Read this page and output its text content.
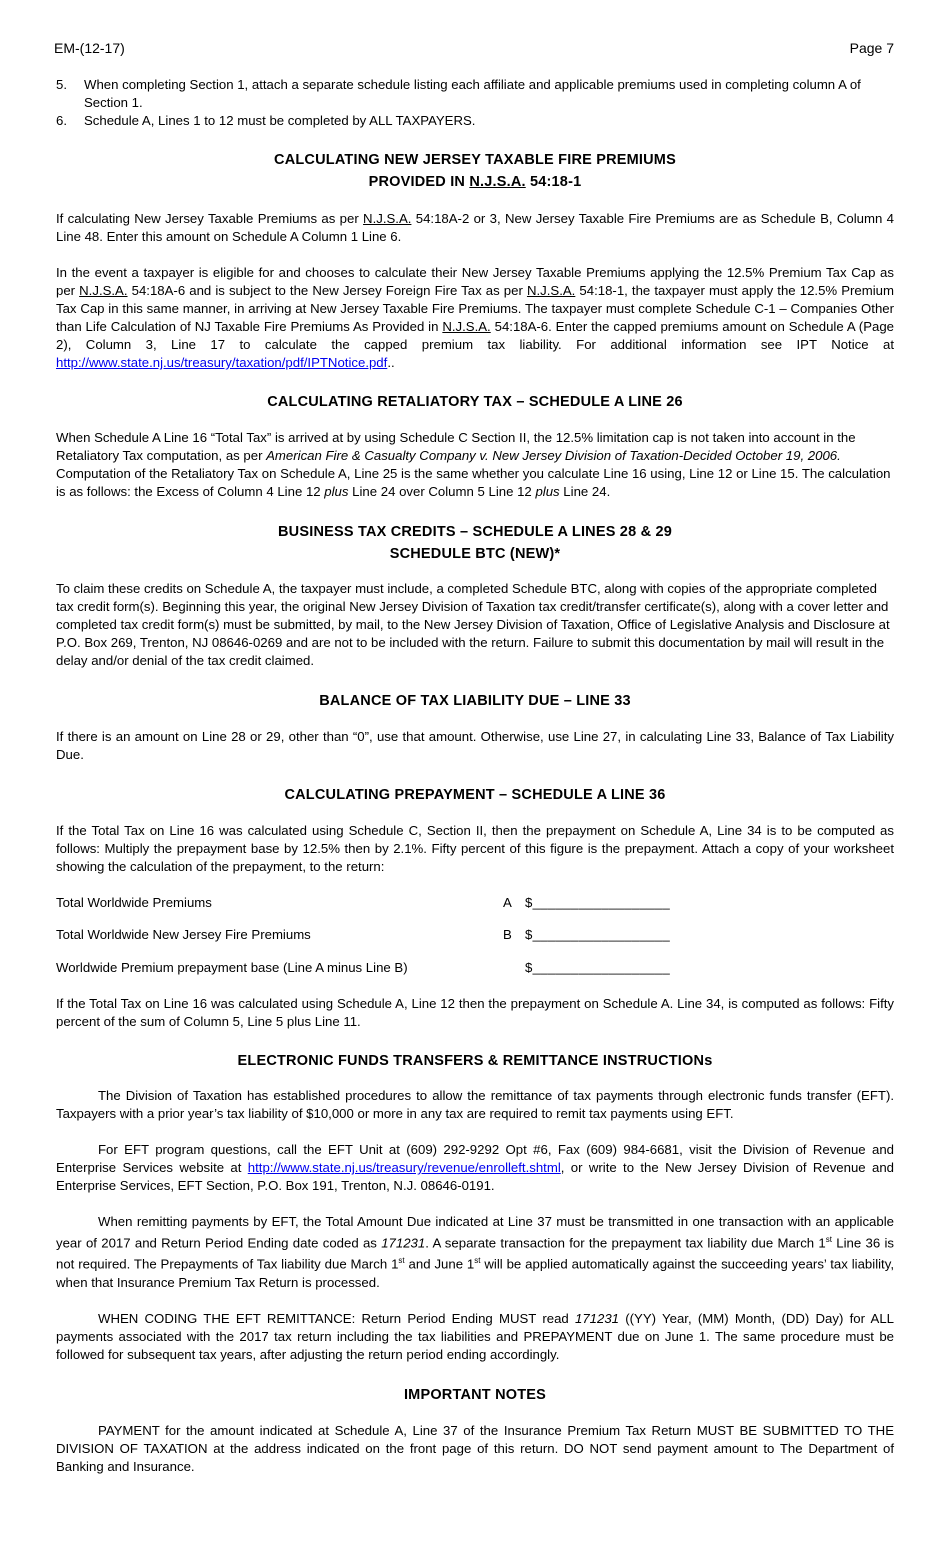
EM-(12-17)	Page 7
5. When completing Section 1, attach a separate schedule listing each affiliate and applicable premiums used in completing column A of Section 1.
6. Schedule A, Lines 1 to 12 must be completed by ALL TAXPAYERS.
CALCULATING NEW JERSEY TAXABLE FIRE PREMIUMS
PROVIDED IN N.J.S.A. 54:18-1

If calculating New Jersey Taxable Premiums as per N.J.S.A. 54:18A-2 or 3, New Jersey Taxable Fire Premiums are as Schedule B, Column 4 Line 48. Enter this amount on Schedule A Column 1 Line 6.

In the event a taxpayer is eligible for and chooses to calculate their New Jersey Taxable Premiums applying the 12.5% Premium Tax Cap as per N.J.S.A. 54:18A-6 and is subject to the New Jersey Foreign Fire Tax as per N.J.S.A. 54:18-1, the taxpayer must apply the 12.5% Premium Tax Cap in this same manner, in arriving at New Jersey Taxable Fire Premiums. The taxpayer must complete Schedule C-1 – Companies Other than Life Calculation of NJ Taxable Fire Premiums As Provided in N.J.S.A. 54:18A-6. Enter the capped premiums amount on Schedule A (Page 2), Column 3, Line 17 to calculate the capped premium tax liability. For additional information see IPT Notice at http://www.state.nj.us/treasury/taxation/pdf/IPTNotice.pdf..

CALCULATING RETALIATORY TAX – SCHEDULE A LINE 26

When Schedule A Line 16 “Total Tax” is arrived at by using Schedule C Section II, the 12.5% limitation cap is not taken into account in the Retaliatory Tax computation, as per American Fire & Casualty Company v. New Jersey Division of Taxation-Decided October 19, 2006. Computation of the Retaliatory Tax on Schedule A, Line 25 is the same whether you calculate Line 16 using, Line 12 or Line 15. The calculation is as follows: the Excess of Column 4 Line 12 plus Line 24 over Column 5 Line 12 plus Line 24.

BUSINESS TAX CREDITS – SCHEDULE A LINES 28 & 29
SCHEDULE BTC (NEW)*

To claim these credits on Schedule A, the taxpayer must include, a completed Schedule BTC, along with copies of the appropriate completed tax credit form(s). Beginning this year, the original New Jersey Division of Taxation tax credit/transfer certificate(s), along with a cover letter and completed tax credit form(s) must be submitted, by mail, to the New Jersey Division of Taxation, Office of Legislative Analysis and Disclosure at P.O. Box 269, Trenton, NJ 08646-0269 and are not to be included with the return. Failure to submit this documentation by mail will result in the delay and/or denial of the tax credit claimed.

BALANCE OF TAX LIABILITY DUE – LINE 33

If there is an amount on Line 28 or 29, other than “0”, use that amount. Otherwise, use Line 27, in calculating Line 33, Balance of Tax Liability Due.

CALCULATING PREPAYMENT – SCHEDULE A LINE 36

If the Total Tax on Line 16 was calculated using Schedule C, Section II, then the prepayment on Schedule A, Line 34 is to be computed as follows: Multiply the prepayment base by 12.5% then by 2.1%. Fifty percent of this figure is the prepayment. Attach a copy of your worksheet showing the calculation of the prepayment, to the return:

Total Worldwide Premiums	A $__________________
Total Worldwide New Jersey Fire Premiums	B $__________________
Worldwide Premium prepayment base (Line A minus Line B)	$__________________

If the Total Tax on Line 16 was calculated using Schedule A, Line 12 then the prepayment on Schedule A. Line 34, is computed as follows: Fifty percent of the sum of Column 5, Line 5 plus Line 11.

ELECTRONIC FUNDS TRANSFERS & REMITTANCE INSTRUCTIONs

The Division of Taxation has established procedures to allow the remittance of tax payments through electronic funds transfer (EFT). Taxpayers with a prior year’s tax liability of $10,000 or more in any tax are required to remit tax payments using EFT.

For EFT program questions, call the EFT Unit at (609) 292-9292 Opt #6, Fax (609) 984-6681, visit the Division of Revenue and Enterprise Services website at http://www.state.nj.us/treasury/revenue/enrolleft.shtml, or write to the New Jersey Division of Revenue and Enterprise Services, EFT Section, P.O. Box 191, Trenton, N.J. 08646-0191.

When remitting payments by EFT, the Total Amount Due indicated at Line 37 must be transmitted in one transaction with an applicable year of 2017 and Return Period Ending date coded as 171231. A separate transaction for the prepayment tax liability due March 1st Line 36 is not required. The Prepayments of Tax liability due March 1st and June 1st will be applied automatically against the succeeding years’ tax liability, when that Insurance Premium Tax Return is processed.

WHEN CODING THE EFT REMITTANCE: Return Period Ending MUST read 171231 ((YY) Year, (MM) Month, (DD) Day) for ALL payments associated with the 2017 tax return including the tax liabilities and PREPAYMENT due on June 1. The same procedure must be followed for subsequent tax years, after adjusting the return period ending accordingly.

IMPORTANT NOTES

PAYMENT for the amount indicated at Schedule A, Line 37 of the Insurance Premium Tax Return MUST BE SUBMITTED TO THE DIVISION OF TAXATION at the address indicated on the front page of this return. DO NOT send payment amount to The Department of Banking and Insurance.
